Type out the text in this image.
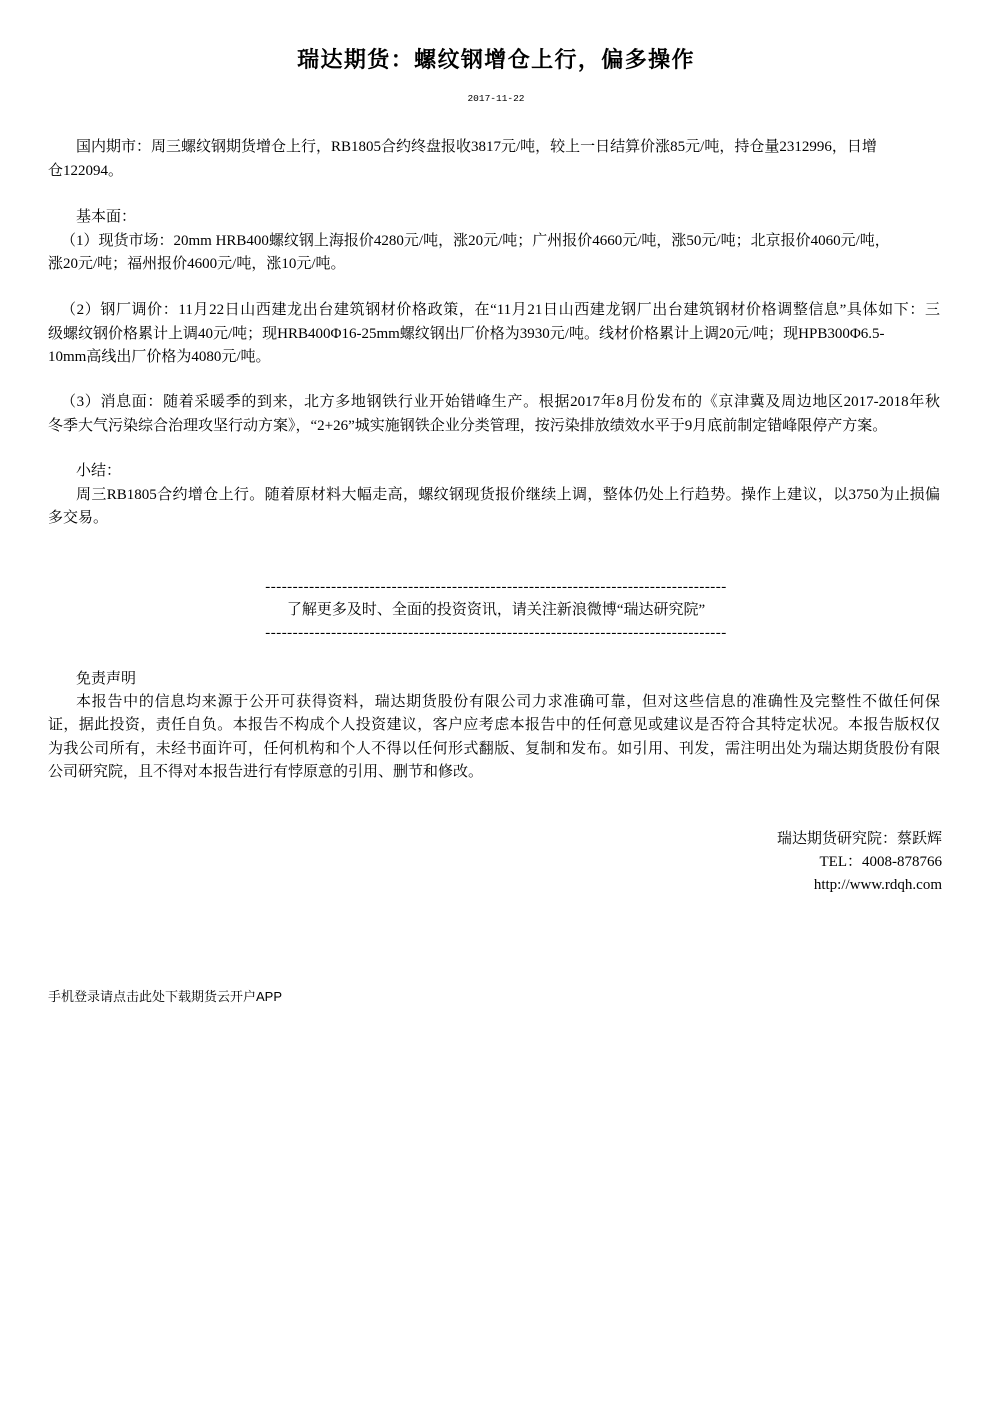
瑞达期货：螺纹钢增仓上行，偏多操作
2017-11-22
国内期市：周三螺纹钢期货增仓上行，RB1805合约终盘报收3817元/吨，较上一日结算价涨85元/吨，持仓量2312996，日增
仓122094。
基本面：
（1）现货市场：20mm HRB400螺纹钢上海报价4280元/吨，涨20元/吨；广州报价4660元/吨，涨50元/吨；北京报价4060元/吨，
涨20元/吨；福州报价4600元/吨，涨10元/吨。
（2）钢厂调价：11月22日山西建龙出台建筑钢材价格政策，在“11月21日山西建龙钢厂出台建筑钢材价格调整信息”具体如下：三
级螺纹钢价格累计上调40元/吨；现HRB400Φ16-25mm螺纹钢出厂价格为3930元/吨。线材价格累计上调20元/吨；现HPB300Φ6.5-
10mm高线出厂价格为4080元/吨。
（3）消息面：随着采暖季的到来，北方多地钢铁行业开始错峰生产。根据2017年8月份发布的《京津冀及周边地区2017-2018年秋
冬季大气污染综合治理攻坚行动方案》，“2+26”城实施钢铁企业分类管理，按污染排放绩效水平于9月底前制定错峰限停产方案。
小结：
周三RB1805合约增仓上行。随着原材料大幅走高，螺纹钢现货报价继续上调，整体仍处上行趋势。操作上建议，以3750为止损偏
多交易。
------------------------------------------------------------------------------------
了解更多及时、全面的投资资讯，请关注新浪微博“瑞达研究院”
------------------------------------------------------------------------------------
免责声明
本报告中的信息均来源于公开可获得资料，瑞达期货股份有限公司力求准确可靠，但对这些信息的准确性及完整性不做任何保
证，据此投资，责任自负。本报告不构成个人投资建议，客户应考虑本报告中的任何意见或建议是否符合其特定状况。本报告版权仅
为我公司所有，未经书面许可，任何机构和个人不得以任何形式翻版、复制和发布。如引用、刊发，需注明出处为瑞达期货股份有限
公司研究院，且不得对本报告进行有悖原意的引用、删节和修改。
瑞达期货研究院：蔡跃辉
TEL：4008-878766
http://www.rdqh.com
手机登录请点击此处下载期货云开户APP
